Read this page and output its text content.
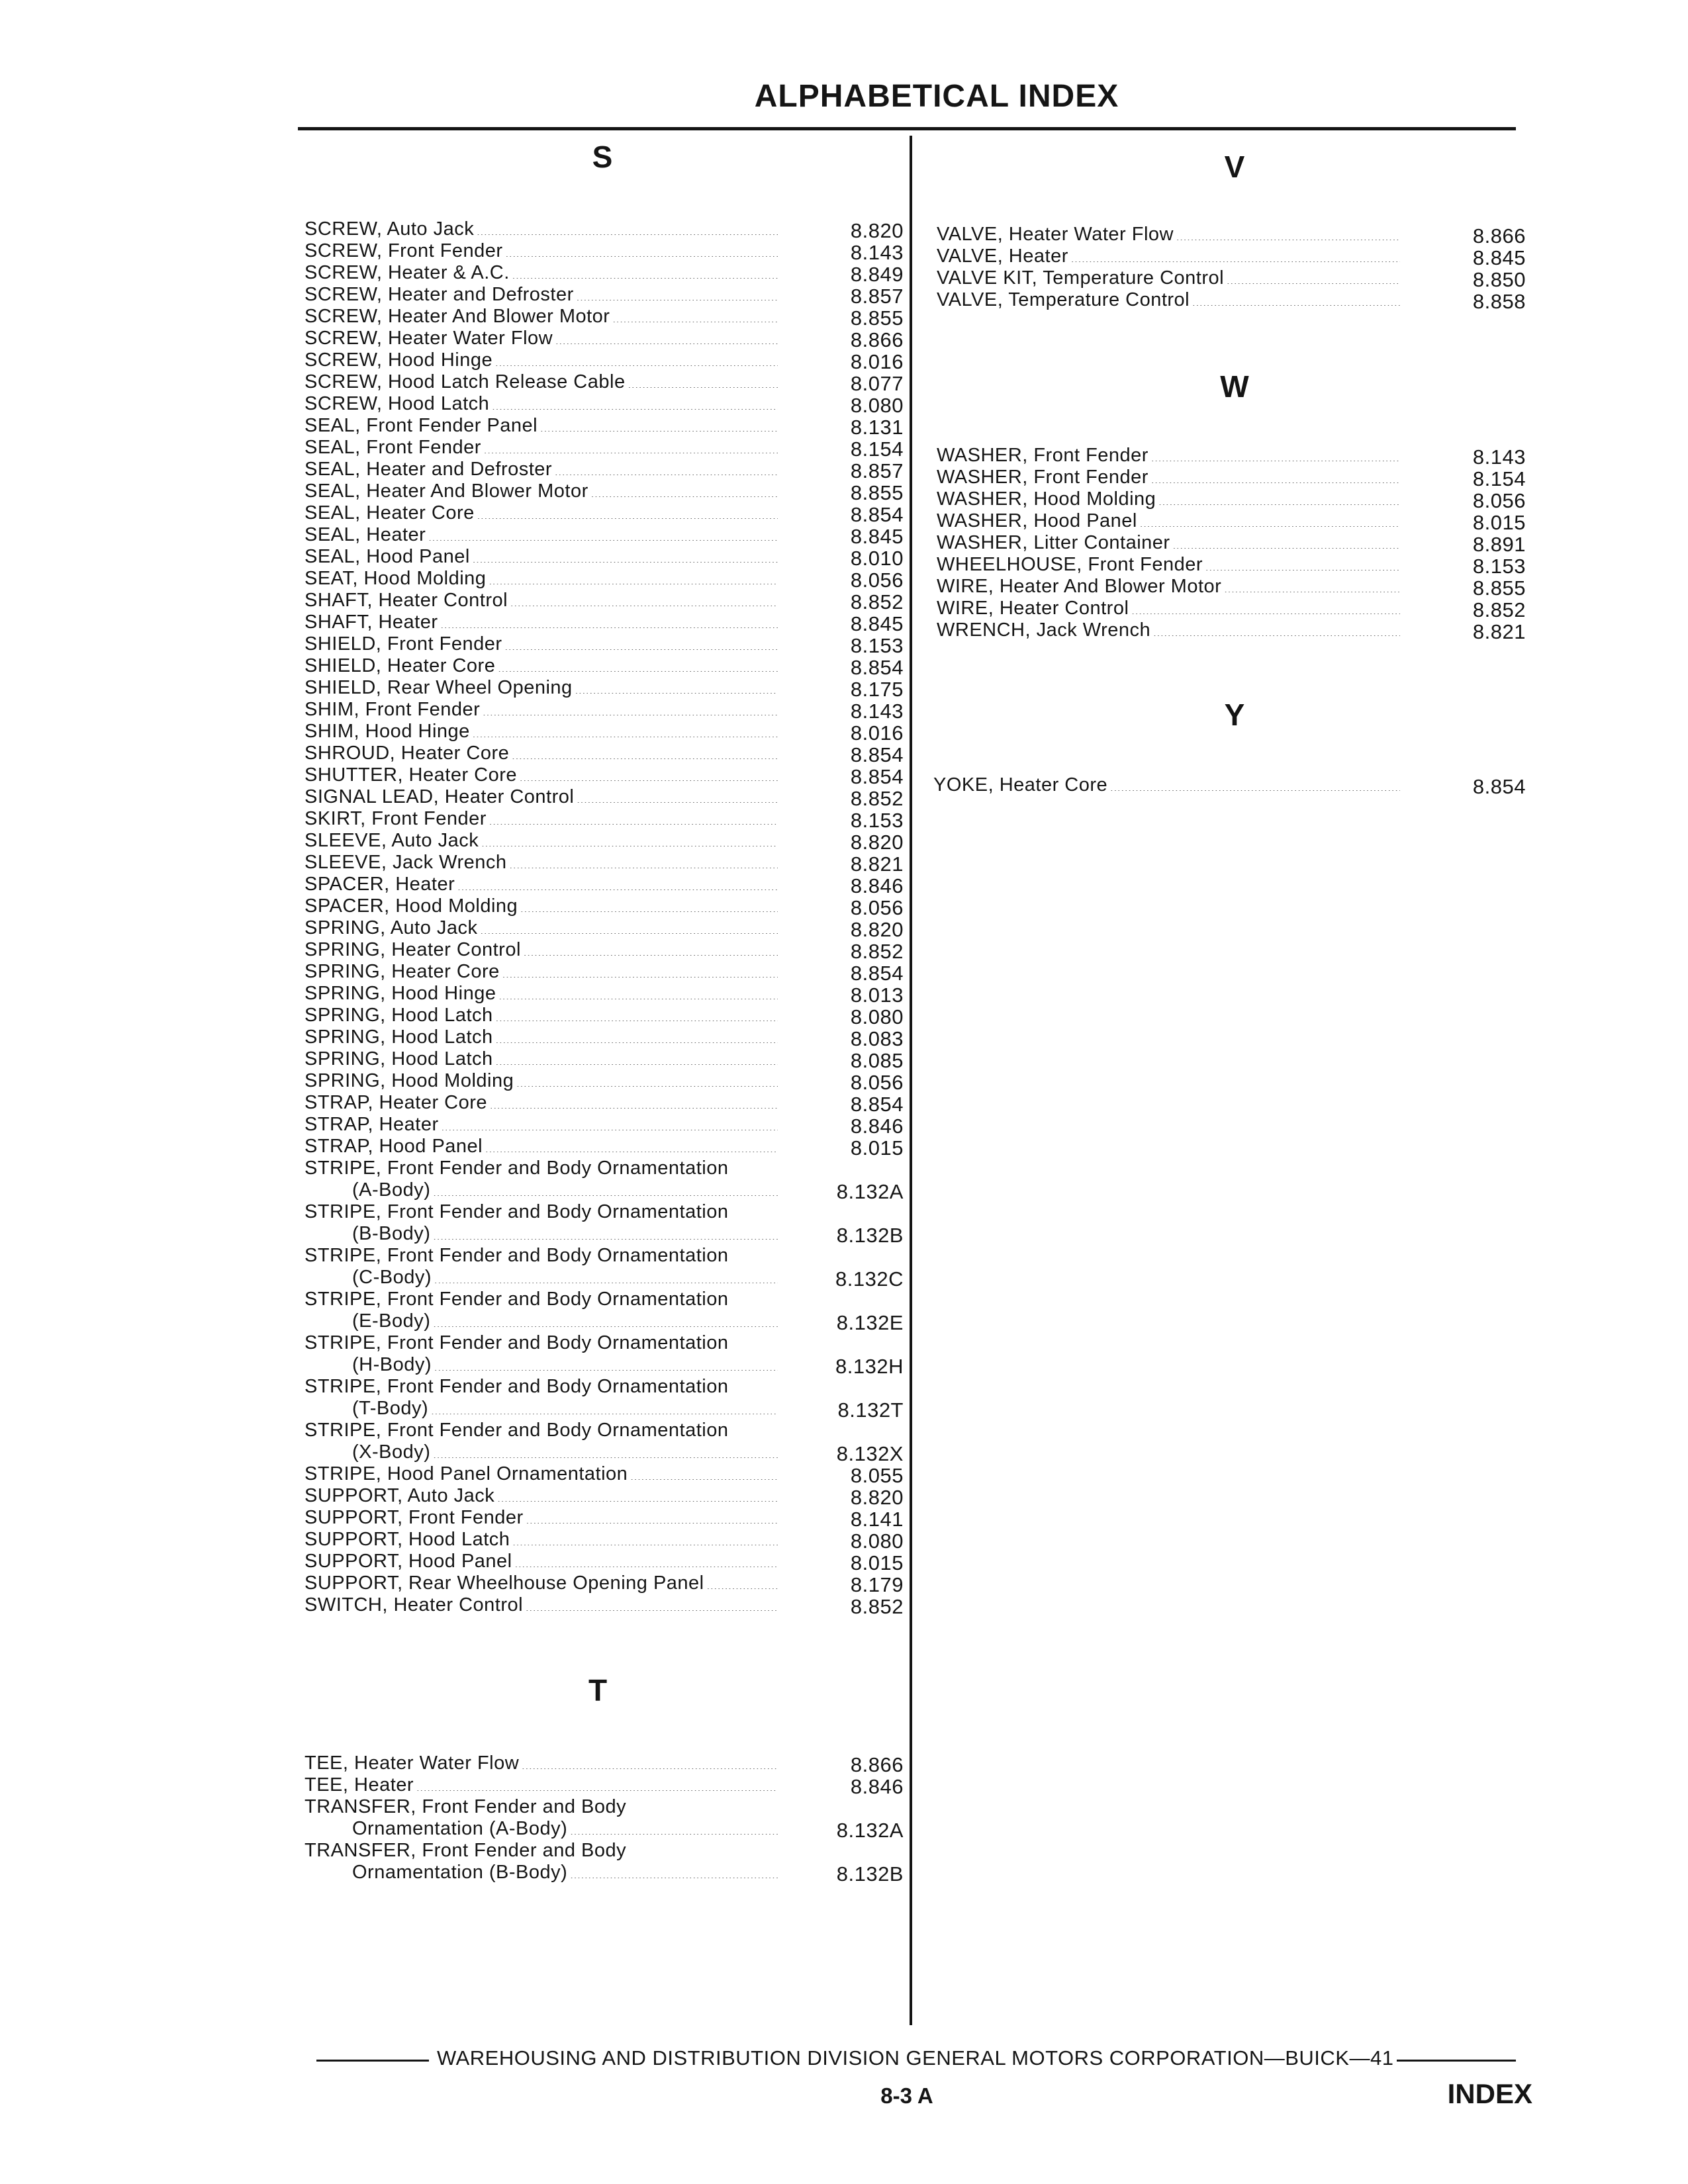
ALPHABETICAL INDEX
S
SCREW, Auto Jack .....	8.820
SCREW, Front Fender .....	8.143
SCREW, Heater & A.C. .....	8.849
SCREW, Heater and Defroster .....	8.857
SCREW, Heater And Blower Motor .....	8.855
SCREW, Heater Water Flow .....	8.866
SCREW, Hood Hinge .....	8.016
SCREW, Hood Latch Release Cable .....	8.077
SCREW, Hood Latch .....	8.080
SEAL, Front Fender Panel .....	8.131
SEAL, Front Fender .....	8.154
SEAL, Heater and Defroster .....	8.857
SEAL, Heater And Blower Motor .....	8.855
SEAL, Heater Core .....	8.854
SEAL, Heater .....	8.845
SEAL, Hood Panel .....	8.010
SEAT, Hood Molding .....	8.056
SHAFT, Heater Control .....	8.852
SHAFT, Heater .....	8.845
SHIELD, Front Fender .....	8.153
SHIELD, Heater Core .....	8.854
SHIELD, Rear Wheel Opening .....	8.175
SHIM, Front Fender .....	8.143
SHIM, Hood Hinge .....	8.016
SHROUD, Heater Core .....	8.854
SHUTTER, Heater Core .....	8.854
SIGNAL LEAD, Heater Control .....	8.852
SKIRT, Front Fender .....	8.153
SLEEVE, Auto Jack .....	8.820
SLEEVE, Jack Wrench .....	8.821
SPACER, Heater .....	8.846
SPACER, Hood Molding .....	8.056
SPRING, Auto Jack .....	8.820
SPRING, Heater Control .....	8.852
SPRING, Heater Core .....	8.854
SPRING, Hood Hinge .....	8.013
SPRING, Hood Latch .....	8.080
SPRING, Hood Latch .....	8.083
SPRING, Hood Latch .....	8.085
SPRING, Hood Molding .....	8.056
STRAP, Heater Core .....	8.854
STRAP, Heater .....	8.846
STRAP, Hood Panel .....	8.015
STRIPE, Front Fender and Body Ornamentation
(A-Body) .....	8.132A
STRIPE, Front Fender and Body Ornamentation
(B-Body) .....	8.132B
STRIPE, Front Fender and Body Ornamentation
(C-Body) .....	8.132C
STRIPE, Front Fender and Body Ornamentation
(E-Body) .....	8.132E
STRIPE, Front Fender and Body Ornamentation
(H-Body) .....	8.132H
STRIPE, Front Fender and Body Ornamentation
(T-Body) .....	8.132T
STRIPE, Front Fender and Body Ornamentation
(X-Body) .....	8.132X
STRIPE, Hood Panel Ornamentation .....	8.055
SUPPORT, Auto Jack .....	8.820
SUPPORT, Front Fender .....	8.141
SUPPORT, Hood Latch .....	8.080
SUPPORT, Hood Panel .....	8.015
SUPPORT, Rear Wheelhouse Opening Panel .....	8.179
SWITCH, Heater Control .....	8.852
T
TEE, Heater Water Flow .....	8.866
TEE, Heater .....	8.846
TRANSFER, Front Fender and Body
Ornamentation (A-Body) .....	8.132A
TRANSFER, Front Fender and Body
Ornamentation (B-Body) .....	8.132B
V
VALVE, Heater Water Flow .....	8.866
VALVE, Heater .....	8.845
VALVE KIT, Temperature Control .....	8.850
VALVE, Temperature Control .....	8.858
W
WASHER, Front Fender .....	8.143
WASHER, Front Fender .....	8.154
WASHER, Hood Molding .....	8.056
WASHER, Hood Panel .....	8.015
WASHER, Litter Container .....	8.891
WHEELHOUSE, Front Fender .....	8.153
WIRE, Heater And Blower Motor .....	8.855
WIRE, Heater Control .....	8.852
WRENCH, Jack Wrench .....	8.821
Y
YOKE, Heater Core .....	8.854
WAREHOUSING AND DISTRIBUTION DIVISION GENERAL MOTORS CORPORATION—BUICK—41
8-3 A	INDEX
